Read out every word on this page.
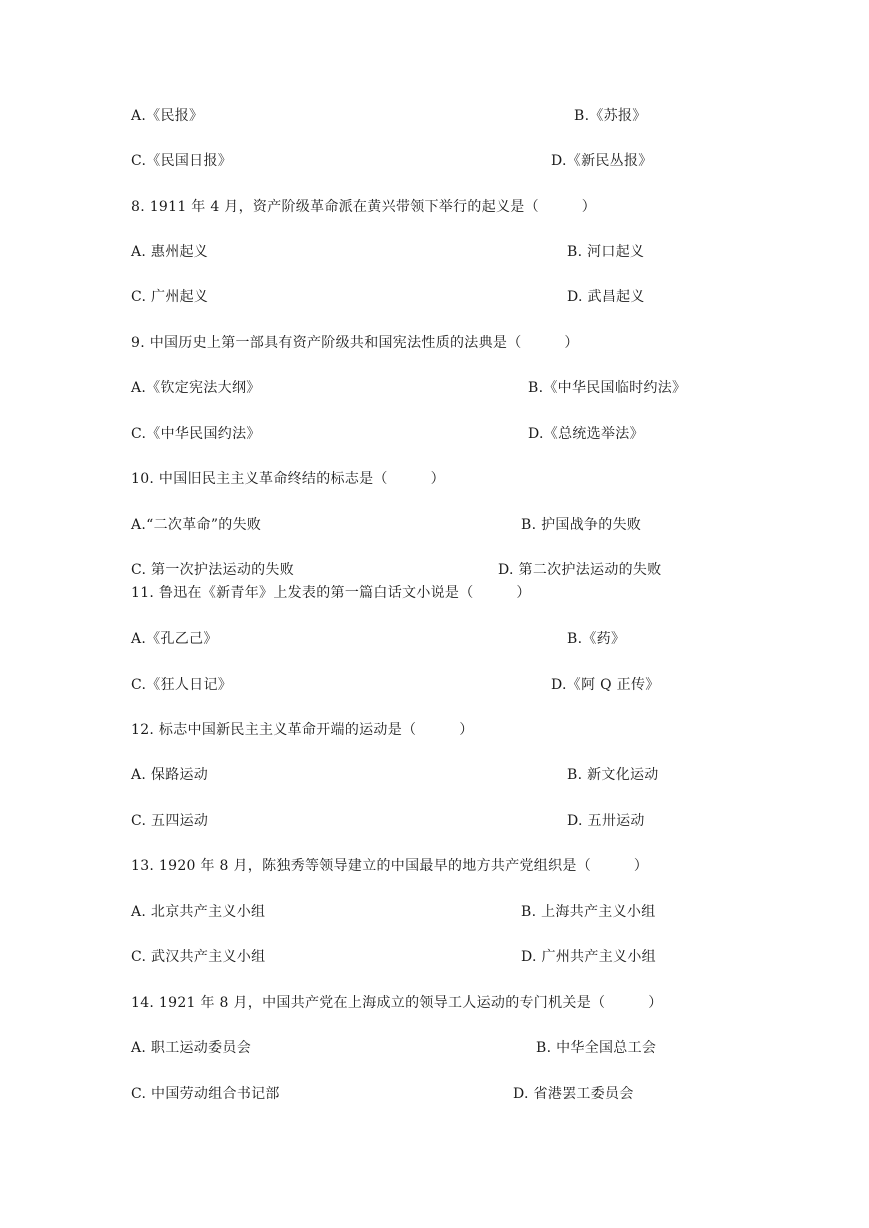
A.《民报》	B.《苏报》
C.《民国日报》	D.《新民丛报》
8. 1911 年 4 月，资产阶级革命派在黄兴带领下举行的起义是（　　　）
A. 惠州起义	B. 河口起义
C. 广州起义	D. 武昌起义
9. 中国历史上第一部具有资产阶级共和国宪法性质的法典是（　　　）
A.《钦定宪法大纲》	B.《中华民国临时约法》
C.《中华民国约法》	D.《总统选举法》
10. 中国旧民主主义革命终结的标志是（　　　）
A.“二次革命”的失败	B. 护国战争的失败
C. 第一次护法运动的失败	D. 第二次护法运动的失败
11. 鲁迅在《新青年》上发表的第一篇白话文小说是（　　　）
A.《孔乙己》	B.《药》
C.《狂人日记》	D.《阿 Q 正传》
12. 标志中国新民主主义革命开端的运动是（　　　）
A. 保路运动	B. 新文化运动
C. 五四运动	D. 五卅运动
13. 1920 年 8 月，陈独秀等领导建立的中国最早的地方共产党组织是（　　　）
A. 北京共产主义小组	B. 上海共产主义小组
C. 武汉共产主义小组	D. 广州共产主义小组
14. 1921 年 8 月，中国共产党在上海成立的领导工人运动的专门机关是（　　　）
A. 职工运动委员会	B. 中华全国总工会
C. 中国劳动组合书记部	D. 省港罢工委员会
